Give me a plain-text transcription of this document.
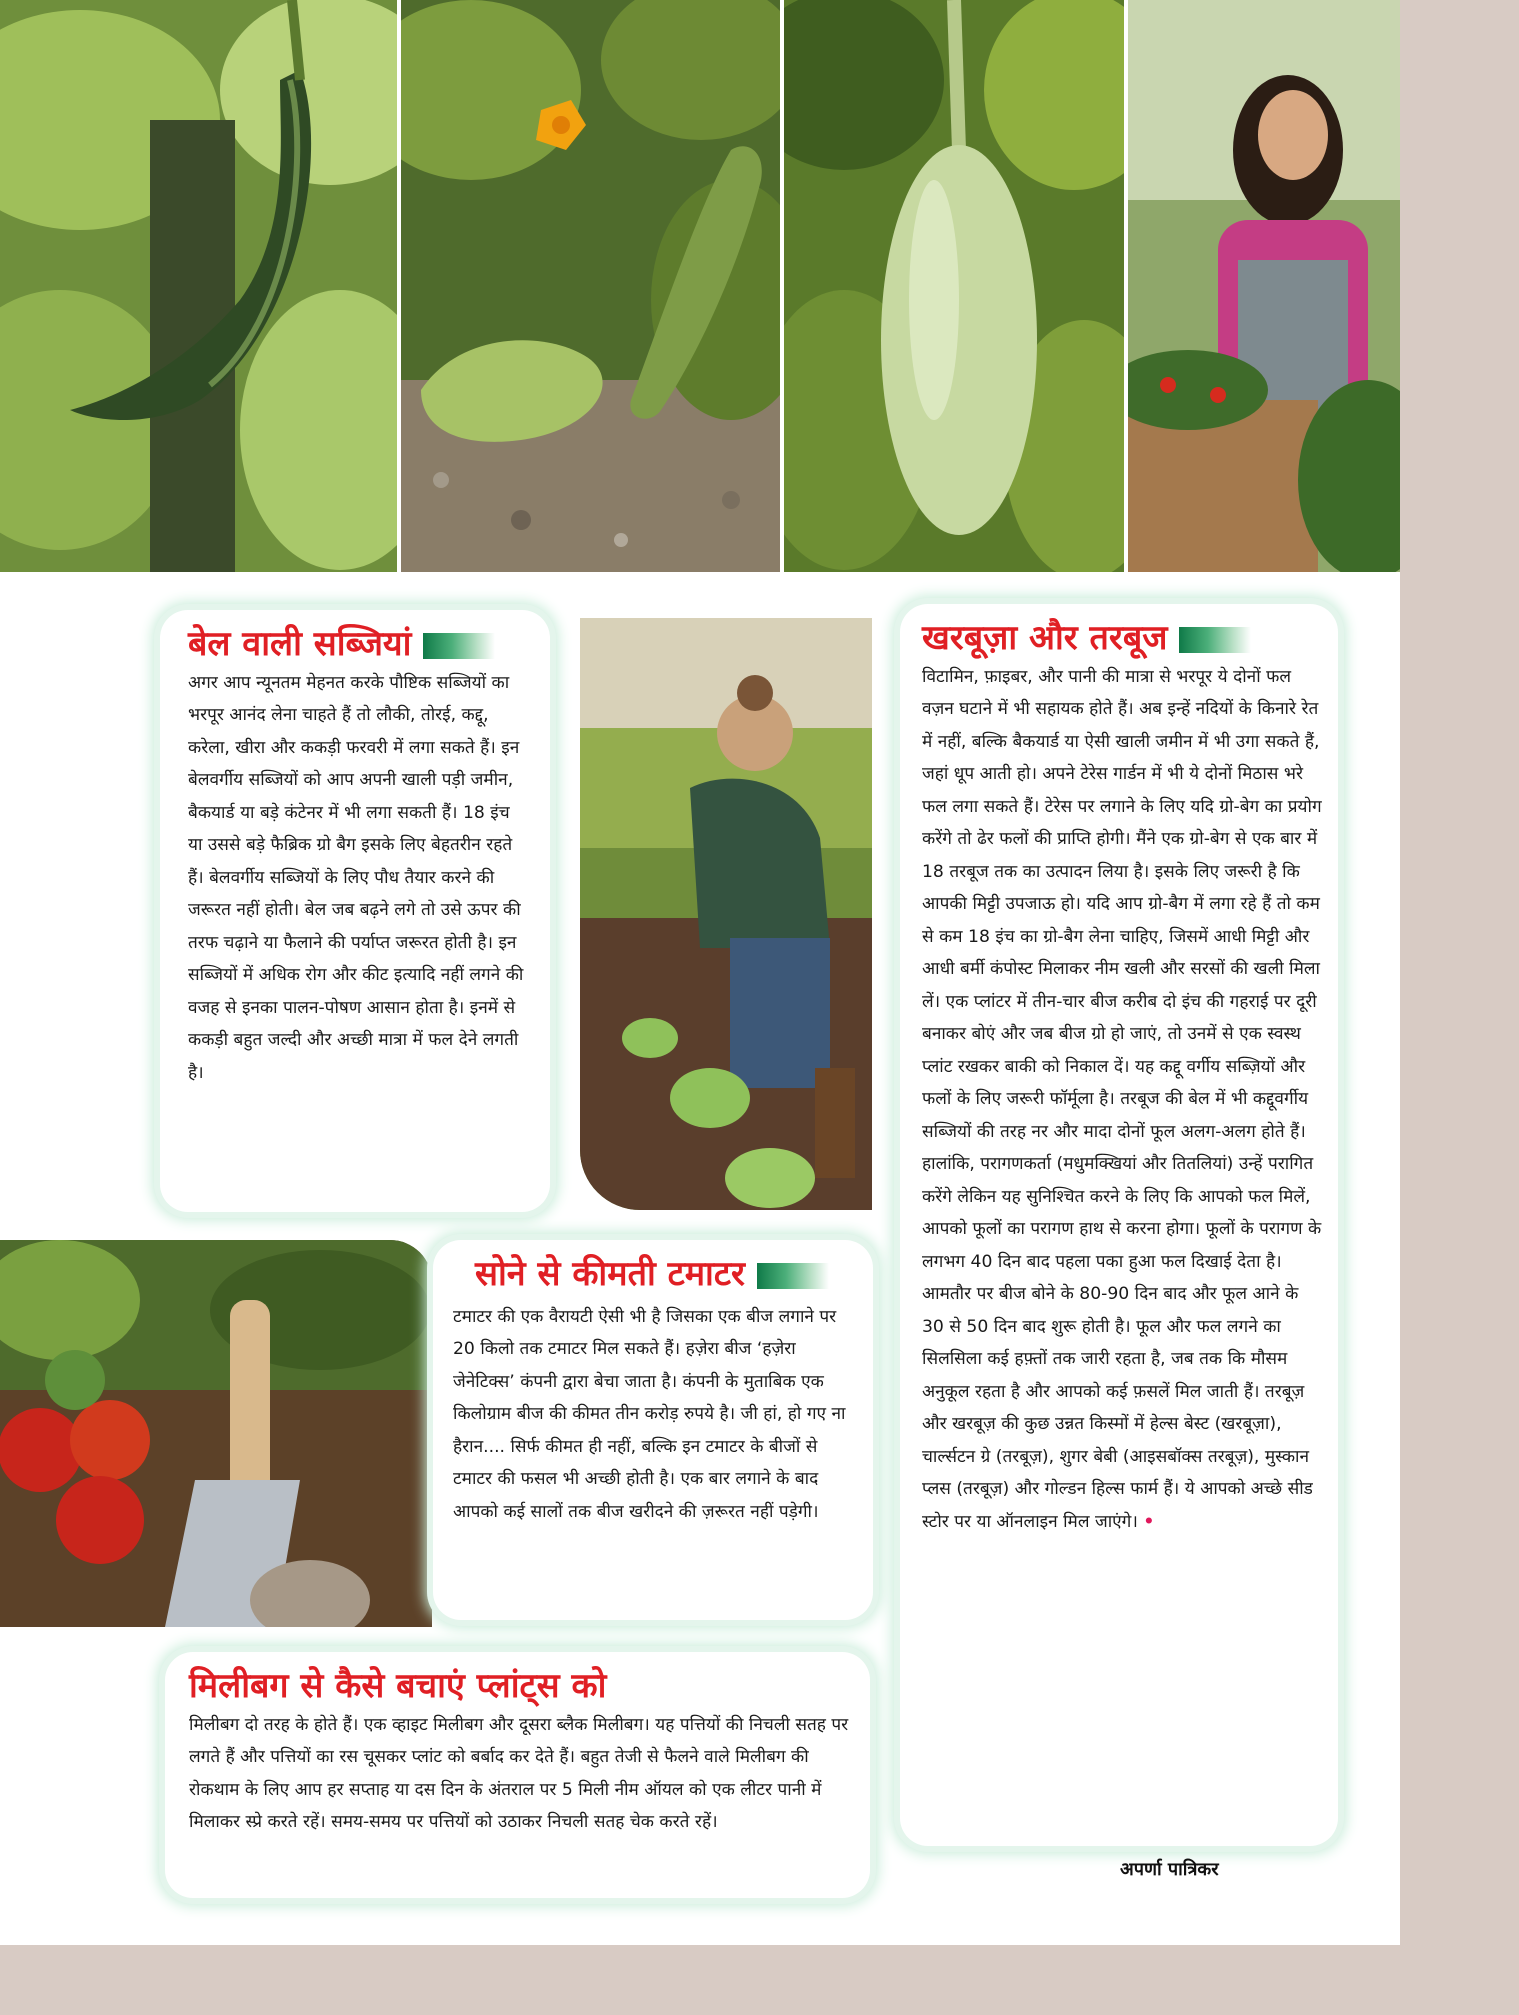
बेल वाली सब्जियां

अगर आप न्यूनतम मेहनत करके पौष्टिक सब्जियों का भरपूर आनंद लेना चाहते हैं तो लौकी, तोरई, कद्दू, करेला, खीरा और ककड़ी फरवरी में लगा सकते हैं। इन बेलवर्गीय सब्जियों को आप अपनी खाली पड़ी जमीन, बैकयार्ड या बड़े कंटेनर में भी लगा सकती हैं। 18 इंच या उससे बड़े फैब्रिक ग्रो बैग इसके लिए बेहतरीन रहते हैं। बेलवर्गीय सब्जियों के लिए पौध तैयार करने की जरूरत नहीं होती। बेल जब बढ़ने लगे तो उसे ऊपर की तरफ चढ़ाने या फैलाने की पर्याप्त जरूरत होती है। इन सब्जियों में अधिक रोग और कीट इत्यादि नहीं लगने की वजह से इनका पालन-पोषण आसान होता है। इनमें से ककड़ी बहुत जल्दी और अच्छी मात्रा में फल देने लगती है।

खरबूज़ा और तरबूज

विटामिन, फ़ाइबर, और पानी की मात्रा से भरपूर ये दोनों फल वज़न घटाने में भी सहायक होते हैं। अब इन्हें नदियों के किनारे रेत में नहीं, बल्कि बैकयार्ड या ऐसी खाली जमीन में भी उगा सकते हैं, जहां धूप आती हो। अपने टेरेस गार्डन में भी ये दोनों मिठास भरे फल लगा सकते हैं। टेरेस पर लगाने के लिए यदि ग्रो-बेग का प्रयोग करेंगे तो ढेर फलों की प्राप्ति होगी। मैंने एक ग्रो-बेग से एक बार में 18 तरबूज तक का उत्पादन लिया है। इसके लिए जरूरी है कि आपकी मिट्टी उपजाऊ हो। यदि आप ग्रो-बैग में लगा रहे हैं तो कम से कम 18 इंच का ग्रो-बैग लेना चाहिए, जिसमें आधी मिट्टी और आधी बर्मी कंपोस्ट मिलाकर नीम खली और सरसों की खली मिला लें। एक प्लांटर में तीन-चार बीज करीब दो इंच की गहराई पर दूरी बनाकर बोएं और जब बीज ग्रो हो जाएं, तो उनमें से एक स्वस्थ प्लांट रखकर बाकी को निकाल दें। यह कद्दू वर्गीय सब्ज़ियों और फलों के लिए जरूरी फॉर्मूला है। तरबूज की बेल में भी कद्दूवर्गीय सब्जियों की तरह नर और मादा दोनों फूल अलग-अलग होते हैं। हालांकि, परागणकर्ता (मधुमक्खियां और तितलियां) उन्हें परागित करेंगे लेकिन यह सुनिश्चित करने के लिए कि आपको फल मिलें, आपको फूलों का परागण हाथ से करना होगा। फूलों के परागण के लगभग 40 दिन बाद पहला पका हुआ फल दिखाई देता है। आमतौर पर बीज बोने के 80-90 दिन बाद और फूल आने के 30 से 50 दिन बाद शुरू होती है। फूल और फल लगने का सिलसिला कई हफ़्तों तक जारी रहता है, जब तक कि मौसम अनुकूल रहता है और आपको कई फ़सलें मिल जाती हैं। तरबूज़ और खरबूज़ की कुछ उन्नत किस्मों में हेल्स बेस्ट (खरबूज़ा), चार्ल्सटन ग्रे (तरबूज़), शुगर बेबी (आइसबॉक्स तरबूज़), मुस्कान प्लस (तरबूज़) और गोल्डन हिल्स फार्म हैं। ये आपको अच्छे सीड स्टोर पर या ऑनलाइन मिल जाएंगे। •

सोने से कीमती टमाटर

टमाटर की एक वैरायटी ऐसी भी है जिसका एक बीज लगाने पर 20 किलो तक टमाटर मिल सकते हैं। हज़ेरा बीज ‘हज़ेरा जेनेटिक्स’ कंपनी द्वारा बेचा जाता है। कंपनी के मुताबिक एक किलोग्राम बीज की कीमत तीन करोड़ रुपये है। जी हां, हो गए ना हैरान.... सिर्फ कीमत ही नहीं, बल्कि इन टमाटर के बीजों से टमाटर की फसल भी अच्छी होती है। एक बार लगाने के बाद आपको कई सालों तक बीज खरीदने की ज़रूरत नहीं पड़ेगी।

मिलीबग से कैसे बचाएं प्लांट्स को

मिलीबग दो तरह के होते हैं। एक व्हाइट मिलीबग और दूसरा ब्लैक मिलीबग। यह पत्तियों की निचली सतह पर लगते हैं और पत्तियों का रस चूसकर प्लांट को बर्बाद कर देते हैं। बहुत तेजी से फैलने वाले मिलीबग की रोकथाम के लिए आप हर सप्ताह या दस दिन के अंतराल पर 5 मिली नीम ऑयल को एक लीटर पानी में मिलाकर स्प्रे करते रहें। समय-समय पर पत्तियों को उठाकर निचली सतह चेक करते रहें।

अपर्णा पात्रिकर
